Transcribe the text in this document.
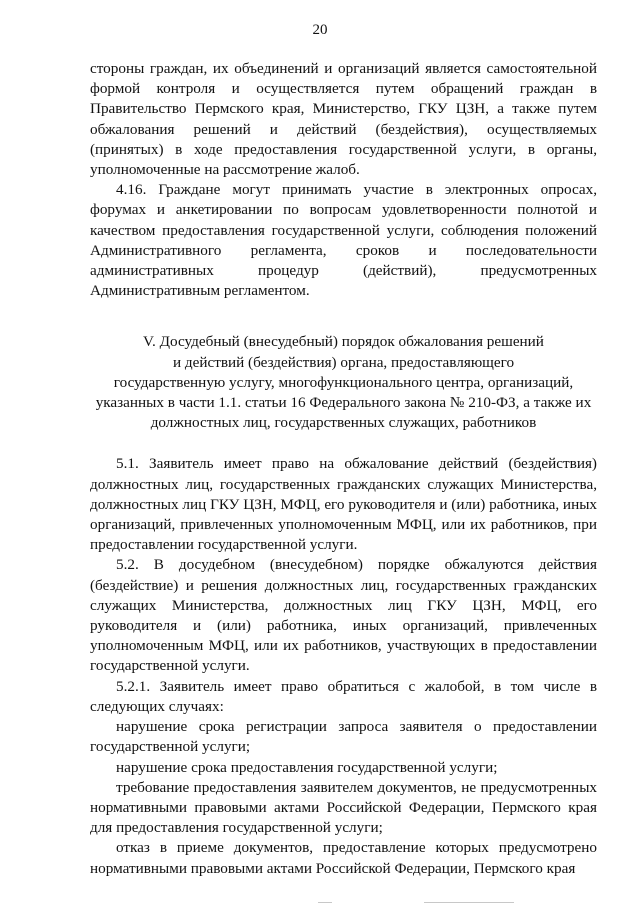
20

стороны граждан, их объединений и организаций является самостоятельной формой контроля и осуществляется путем обращений граждан в Правительство Пермского края, Министерство, ГКУ ЦЗН, а также путем обжалования решений и действий (бездействия), осуществляемых (принятых) в ходе предоставления государственной услуги, в органы, уполномоченные на рассмотрение жалоб.

4.16. Граждане могут принимать участие в электронных опросах, форумах и анкетировании по вопросам удовлетворенности полнотой и качеством предоставления государственной услуги, соблюдения положений Административного регламента, сроков и последовательности административных процедур (действий), предусмотренных Административным регламентом.

V. Досудебный (внесудебный) порядок обжалования решений
и действий (бездействия) органа, предоставляющего
государственную услугу, многофункционального центра, организаций,
указанных в части 1.1. статьи 16 Федерального закона № 210-ФЗ, а также их
должностных лиц, государственных служащих, работников

5.1. Заявитель имеет право на обжалование действий (бездействия) должностных лиц, государственных гражданских служащих Министерства, должностных лиц ГКУ ЦЗН, МФЦ, его руководителя и (или) работника, иных организаций, привлеченных уполномоченным МФЦ, или их работников, при предоставлении государственной услуги.

5.2. В досудебном (внесудебном) порядке обжалуются действия (бездействие) и решения должностных лиц, государственных гражданских служащих Министерства, должностных лиц ГКУ ЦЗН, МФЦ, его руководителя и (или) работника, иных организаций, привлеченных уполномоченным МФЦ, или их работников, участвующих в предоставлении государственной услуги.

5.2.1. Заявитель имеет право обратиться с жалобой, в том числе в следующих случаях:

нарушение срока регистрации запроса заявителя о предоставлении государственной услуги;

нарушение срока предоставления государственной услуги;

требование предоставления заявителем документов, не предусмотренных нормативными правовыми актами Российской Федерации, Пермского края для предоставления государственной услуги;

отказ в приеме документов, предоставление которых предусмотрено нормативными правовыми актами Российской Федерации, Пермского края
